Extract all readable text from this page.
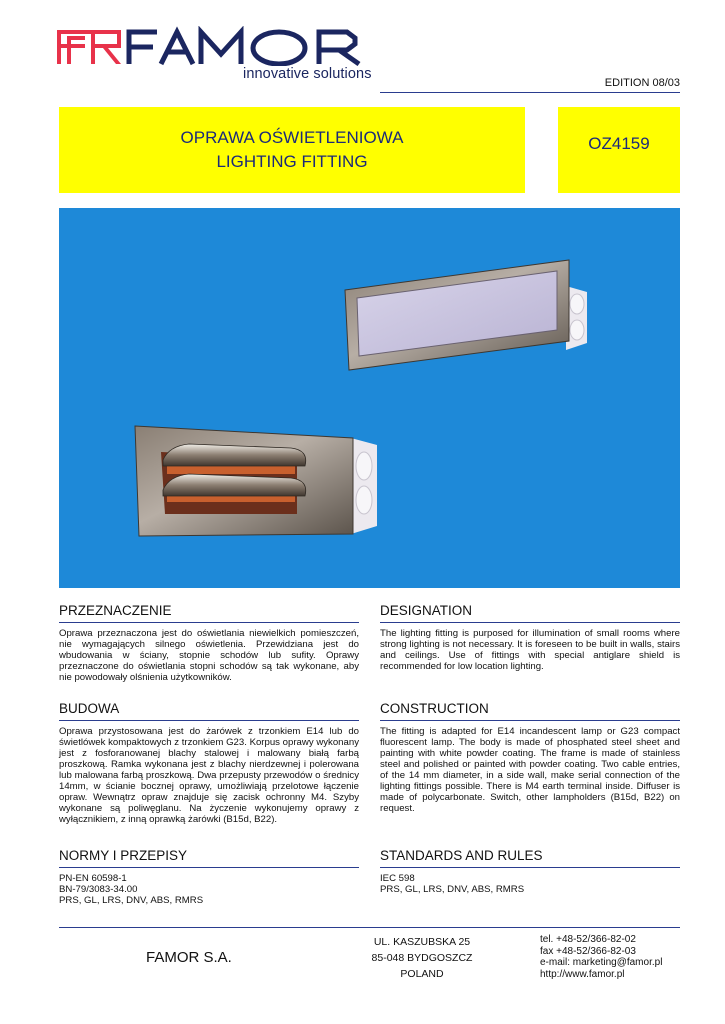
innovative solutions
EDITION 08/03
OPRAWA OŚWIETLENIOWA
LIGHTING FITTING
OZ4159
PRZEZNACZENIE
Oprawa przeznaczona jest do oświetlania niewielkich pomieszczeń, nie wymagających silnego oświetlenia. Przewidziana jest do wbudowania w ściany, stopnie schodów lub sufity. Oprawy przeznaczone do oświetlania stopni schodów są tak wykonane, aby nie powodowały olśnienia użytkowników.
DESIGNATION
The lighting fitting is purposed for illumination of small rooms where strong lighting is not necessary. It is foreseen to be built in walls, stairs and ceilings. Use of fittings with special antiglare shield is recommended for low location lighting.
BUDOWA
Oprawa przystosowana jest do żarówek z trzonkiem E14 lub do świetlówek kompaktowych z trzonkiem G23. Korpus oprawy wykonany jest z fosforanowanej blachy stalowej i malowany białą farbą proszkową. Ramka wykonana jest z blachy nierdzewnej i polerowana lub malowana farbą proszkową. Dwa przepusty przewodów o średnicy 14mm, w ścianie bocznej oprawy, umożliwiają przelotowe łączenie opraw. Wewnątrz opraw znajduje się zacisk ochronny M4. Szyby wykonane są poliwęglanu. Na życzenie wykonujemy oprawy z wyłącznikiem, z inną oprawką żarówki (B15d, B22).
CONSTRUCTION
The fitting is adapted for E14 incandescent lamp or G23 compact fluorescent lamp. The body is made of phosphated steel sheet and painting with white powder coating. The frame is made of stainless steel and polished or painted with powder coating. Two cable entries, of the 14 mm diameter, in a side wall, make serial connection of the lighting fittings possible. There is M4 earth terminal inside. Diffuser is made of polycarbonate. Switch, other lampholders (B15d, B22) on request.
NORMY I PRZEPISY
PN-EN 60598-1
BN-79/3083-34.00
PRS, GL, LRS, DNV, ABS, RMRS
STANDARDS AND RULES
IEC 598
PRS, GL, LRS, DNV, ABS, RMRS
FAMOR S.A.
UL. KASZUBSKA 25
85-048 BYDGOSZCZ
POLAND
tel. +48-52/366-82-02
fax +48-52/366-82-03
e-mail: marketing@famor.pl
http://www.famor.pl
